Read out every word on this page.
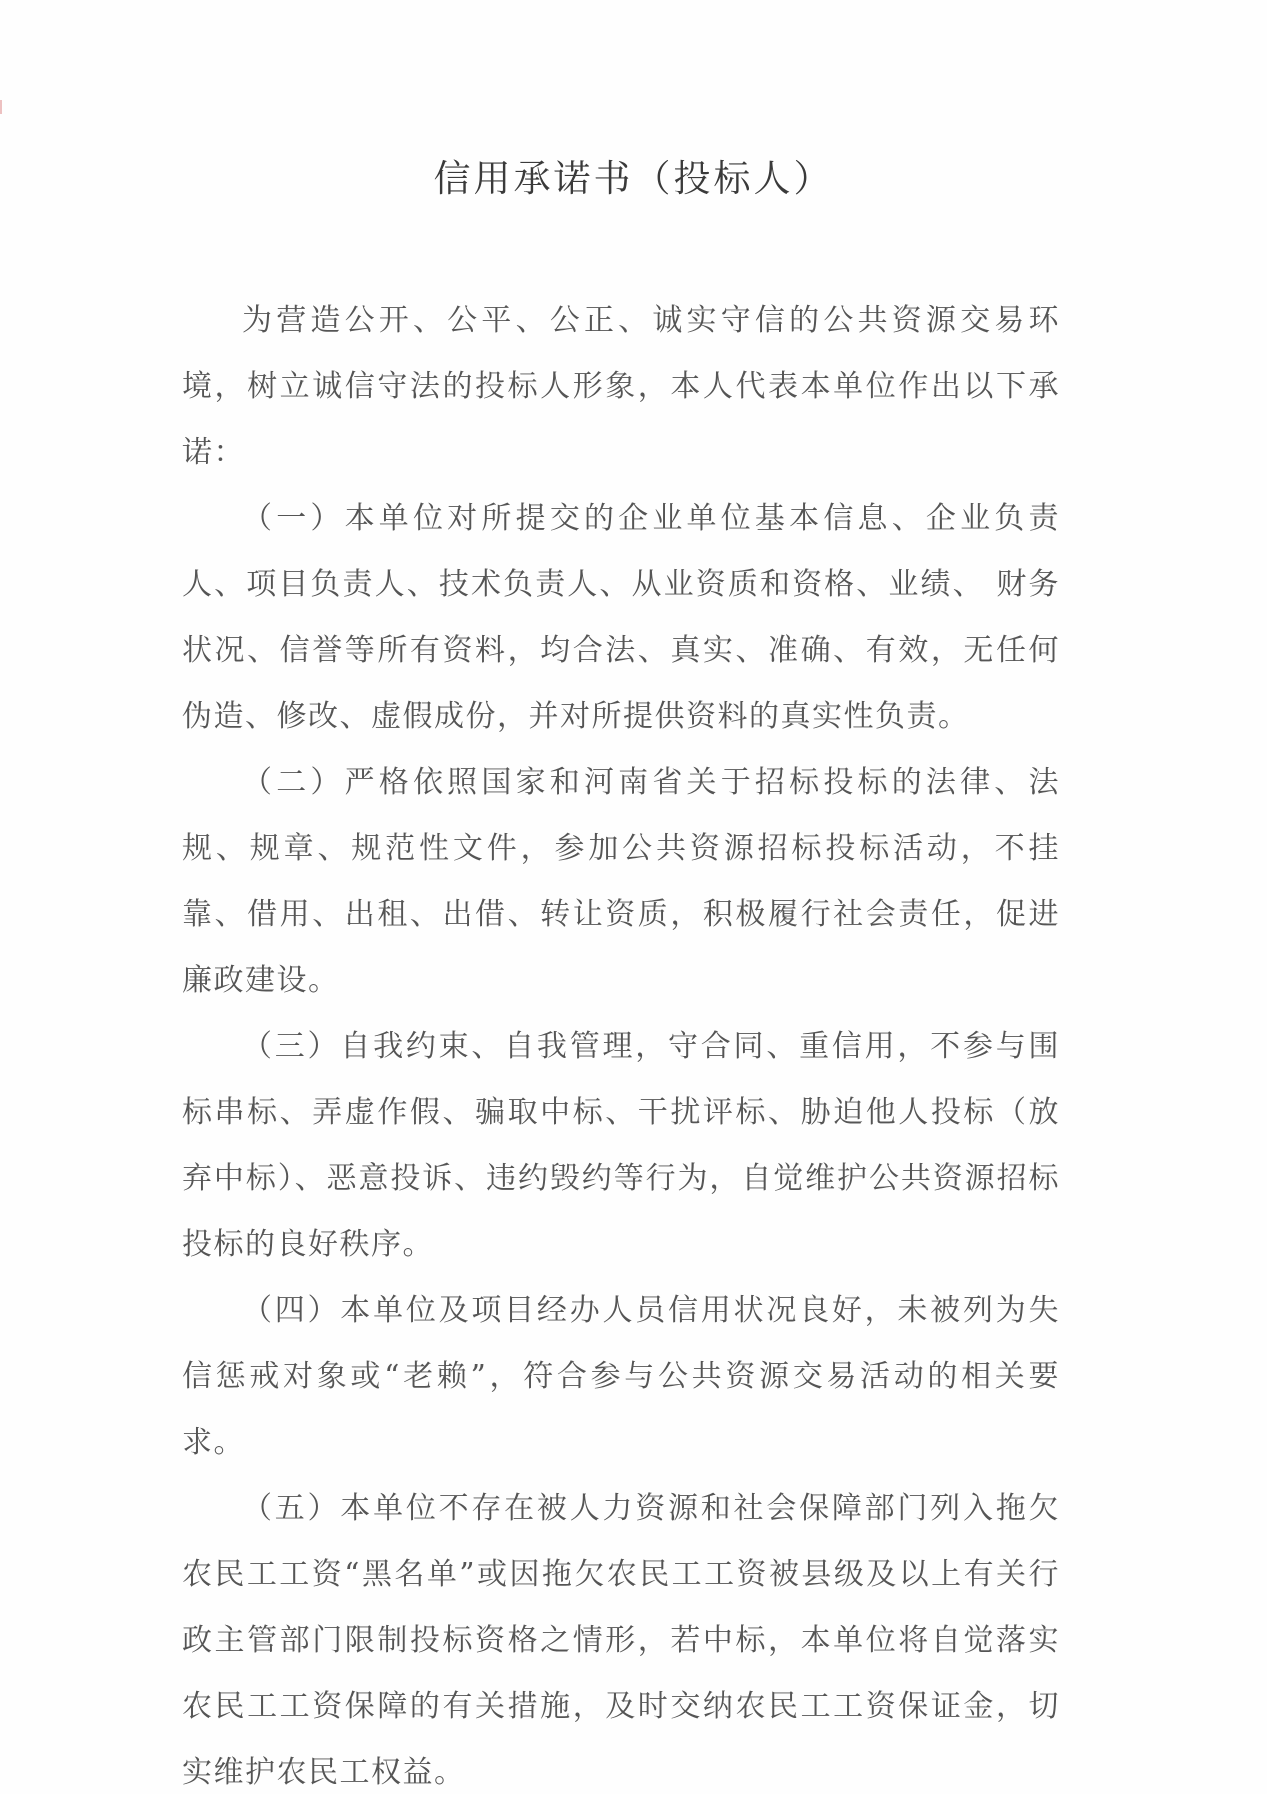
信用承诺书（投标人）

为营造公开、公平、公正、诚实守信的公共资源交易环境，树立诚信守法的投标人形象，本人代表本单位作出以下承诺：

（一）本单位对所提交的企业单位基本信息、企业负责人、项目负责人、技术负责人、从业资质和资格、业绩、 财务状况、信誉等所有资料，均合法、真实、准确、有效，无任何伪造、修改、虚假成份，并对所提供资料的真实性负责。

（二）严格依照国家和河南省关于招标投标的法律、法规、规章、规范性文件，参加公共资源招标投标活动，不挂靠、借用、出租、出借、转让资质，积极履行社会责任，促进廉政建设。

（三）自我约束、自我管理，守合同、重信用，不参与围标串标、弄虚作假、骗取中标、干扰评标、胁迫他人投标（放弃中标）、恶意投诉、违约毁约等行为，自觉维护公共资源招标投标的良好秩序。

（四）本单位及项目经办人员信用状况良好，未被列为失信惩戒对象或“老赖”，符合参与公共资源交易活动的相关要求。

（五）本单位不存在被人力资源和社会保障部门列入拖欠农民工工资“黑名单”或因拖欠农民工工资被县级及以上有关行政主管部门限制投标资格之情形，若中标，本单位将自觉落实农民工工资保障的有关措施，及时交纳农民工工资保证金，切实维护农民工权益。
